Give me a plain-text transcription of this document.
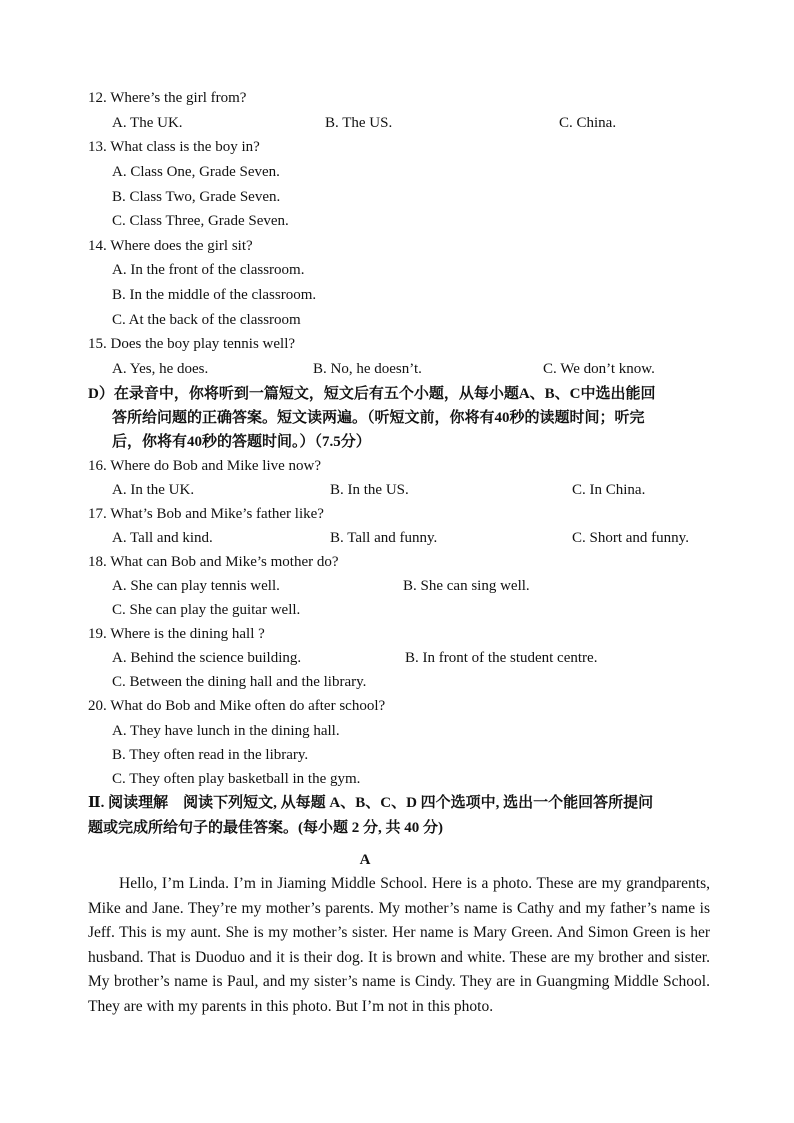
12. Where’s the girl from?
A. The UK.	B. The US.	C. China.
13. What class is the boy in?
A. Class One, Grade Seven.
B. Class Two, Grade Seven.
C. Class Three, Grade Seven.
14. Where does the girl sit?
A. In the front of the classroom.
B. In the middle of the classroom.
C. At the back of the classroom
15. Does the boy play tennis well?
A. Yes, he does.	B. No, he doesn’t.	C. We don’t know.
D）在录音中，你将听到一篇短文，短文后有五个小题，从每小题A、B、C中选出能回
答所给问题的正确答案。短文读两遍。（听短文前，你将有40秒的读题时间；听完
后，你将有40秒的答题时间。）（7.5分）
16. Where do Bob and Mike live now?
A. In the UK.	B. In the US.	C. In China.
17. What’s Bob and Mike’s father like?
A. Tall and kind.	B. Tall and funny.	C. Short and funny.
18. What can Bob and Mike’s mother do?
A. She can play tennis well.	B. She can sing well.
C. She can play the guitar well.
19. Where is the dining hall ?
A. Behind the science building.	B. In front of the student centre.
C. Between the dining hall and the library.
20. What do Bob and Mike often do after school?
A. They have lunch in the dining hall.
B. They often read in the library.
C. They often play basketball in the gym.
Ⅱ. 阅读理解　阅读下列短文, 从每题 A、B、C、D 四个选项中, 选出一个能回答所提问
题或完成所给句子的最佳答案。(每小题 2 分, 共 40 分)
A
Hello, I’m Linda. I’m in Jiaming Middle School. Here is a photo. These are my grandparents, Mike and Jane. They’re my mother’s parents. My mother’s name is Cathy and my father’s name is Jeff. This is my aunt. She is my mother’s sister. Her name is Mary Green. And Simon Green is her husband. That is Duoduo and it is their dog. It is brown and white. These are my brother and sister. My brother’s name is Paul, and my sister’s name is Cindy. They are in Guangming Middle School. They are with my parents in this photo. But I’m not in this photo.
